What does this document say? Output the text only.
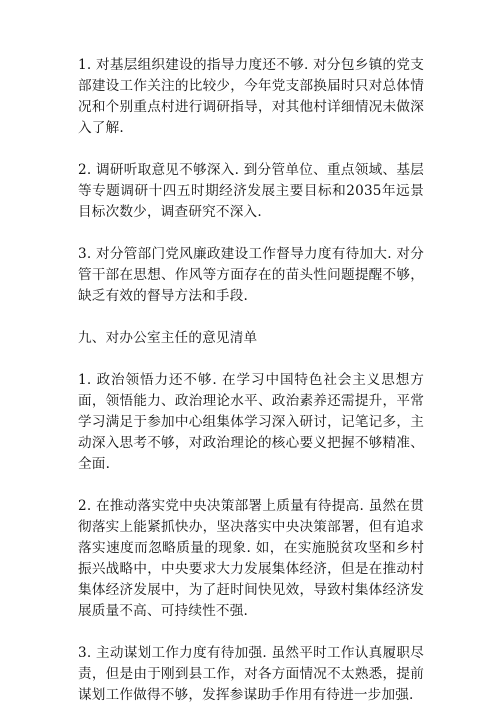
1. 对基层组织建设的指导力度还不够. 对分包乡镇的党支部建设工作关注的比较少，今年党支部换届时只对总体情况和个别重点村进行调研指导，对其他村详细情况未做深入了解.

2. 调研听取意见不够深入. 到分管单位、重点领域、基层等专题调研十四五时期经济发展主要目标和2035年远景目标次数少，调查研究不深入.

3. 对分管部门党风廉政建设工作督导力度有待加大. 对分管干部在思想、作风等方面存在的苗头性问题提醒不够，缺乏有效的督导方法和手段.

九、对办公室主任的意见清单

1. 政治领悟力还不够. 在学习中国特色社会主义思想方面，领悟能力、政治理论水平、政治素养还需提升，平常学习满足于参加中心组集体学习深入研讨，记笔记多，主动深入思考不够，对政治理论的核心要义把握不够精准、全面.

2. 在推动落实党中央决策部署上质量有待提高. 虽然在贯彻落实上能紧抓快办，坚决落实中央决策部署，但有追求落实速度而忽略质量的现象. 如，在实施脱贫攻坚和乡村振兴战略中，中央要求大力发展集体经济，但是在推动村集体经济发展中，为了赶时间快见效，导致村集体经济发展质量不高、可持续性不强.

3. 主动谋划工作力度有待加强. 虽然平时工作认真履职尽责，但是由于刚到县工作，对各方面情况不太熟悉，提前谋划工作做得不够，发挥参谋助手作用有待进一步加强.
